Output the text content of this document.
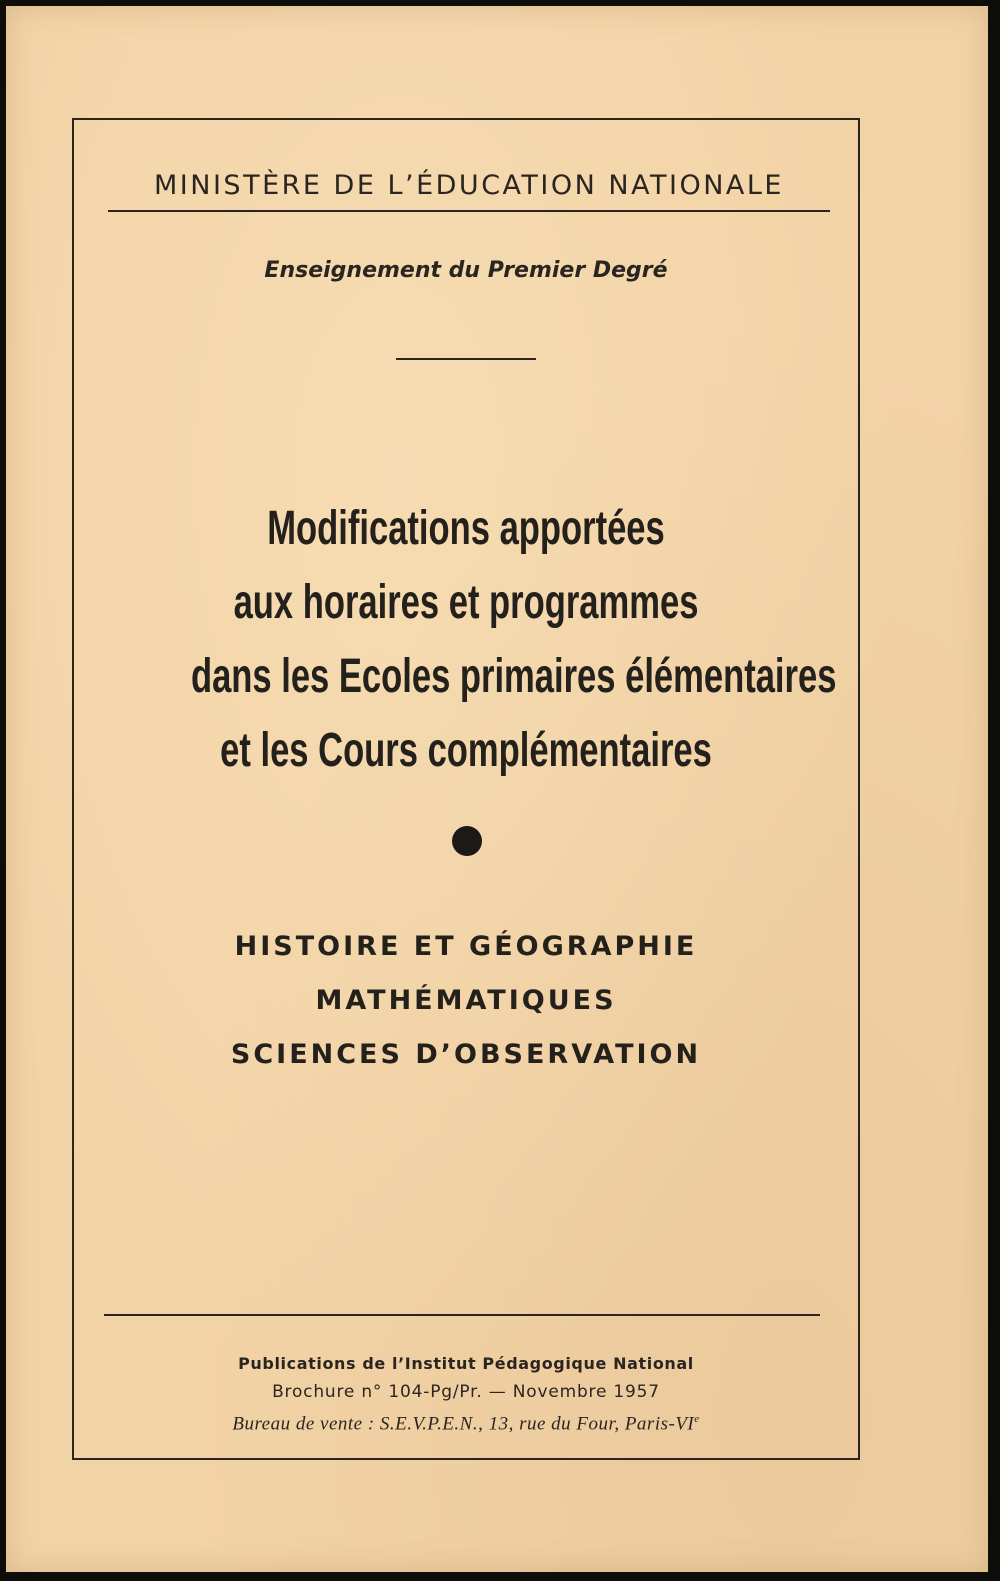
MINISTÈRE DE L’ÉDUCATION NATIONALE
Enseignement du Premier Degré
Modifications apportées
aux horaires et programmes
dans les Ecoles primaires élémentaires
et les Cours complémentaires
HISTOIRE ET GÉOGRAPHIE
MATHÉMATIQUES
SCIENCES D’OBSERVATION
Publications de l’Institut Pédagogique National
Brochure n° 104-Pg/Pr. — Novembre 1957
Bureau de vente : S.E.V.P.E.N., 13, rue du Four, Paris-VIe
